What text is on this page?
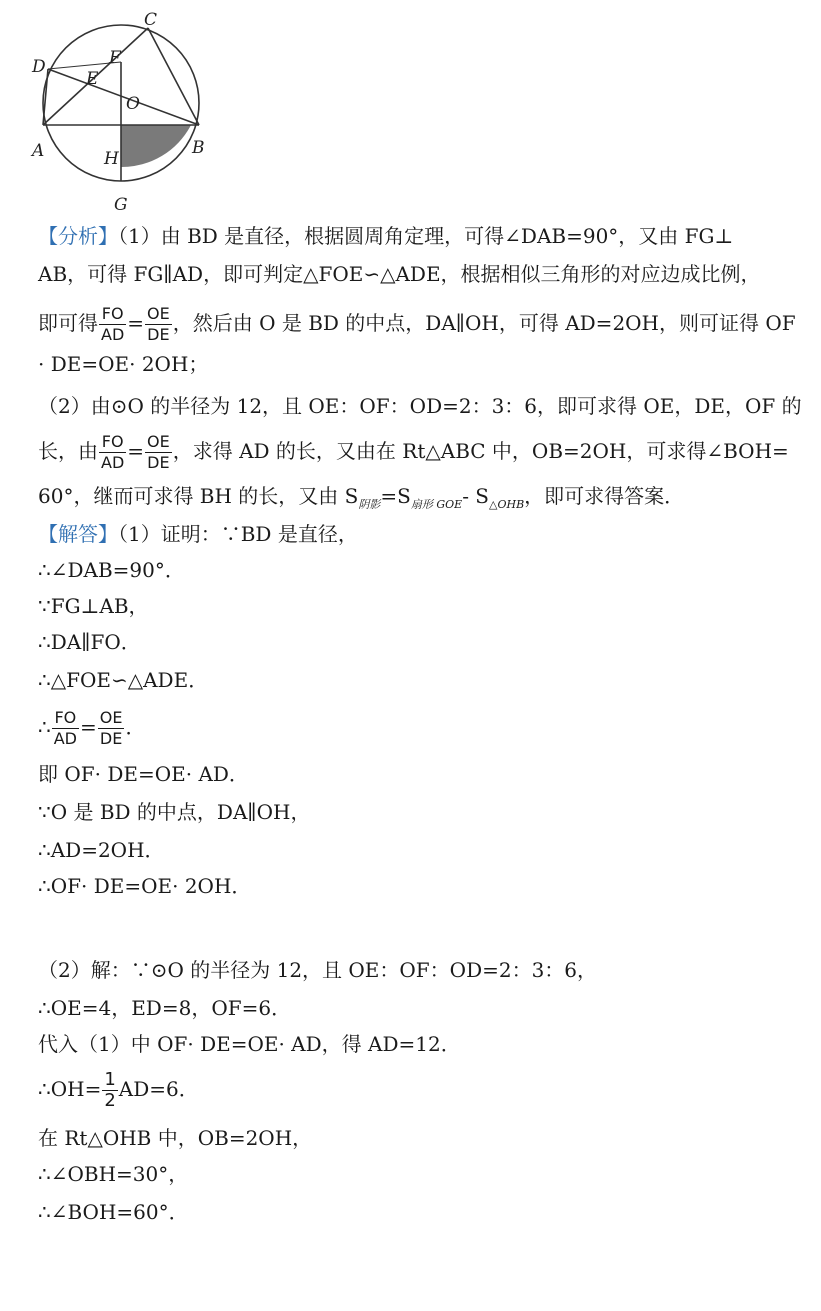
C
D	F
E
O
A	H
B
G
【分析】（1）由 BD 是直径，根据圆周角定理，可得∠DAB=90°，又由 FG⊥
AB，可得 FG∥AD，即可判定△FOE∽△ADE，根据相似三角形的对应边成比例，
即可得 $\frac{FO}{AD} = \frac{OE}{DE}$ ，然后由 O 是 BD 的中点，DA∥OH，可得 AD=2OH，则可证得 OF
· DE=OE· 2OH；
（2）由⊙O 的半径为 12，且 OE：OF：OD=2：3：6，即可求得 OE，DE，OF 的
长，由 $\frac{FO}{AD} = \frac{OE}{DE}$ ，求得 AD 的长，又由在 Rt△ABC 中，OB=2OH，可求得∠BOH=
60°，继而可求得 BH 的长，又由 $S_{阴影}=S_{扇形 GOE}-$ $S_{\triangle OHB}$，即可求得答案．
【解答】（1）证明：∵BD 是直径，
∴∠DAB=90°．
∵FG⊥AB，
∴DA∥FO．
∴△FOE∽△ADE．
∴ $\frac{FO}{AD} = \frac{OE}{DE}$ ．
即 OF· DE=OE· AD．
∵O 是 BD 的中点，DA∥OH，
∴AD=2OH．
∴OF· DE=OE· 2OH．
（2）解：∵⊙O 的半径为 12，且 OE：OF：OD=2：3：6，
∴OE=4，ED=8，OF=6．
代入（1）中 OF· DE=OE· AD，得 AD=12．
∴OH= $\frac{1}{2} AD=6$．
在 Rt△OHB 中，OB=2OH，
∴∠OBH=30°，
∴∠BOH=60°．
